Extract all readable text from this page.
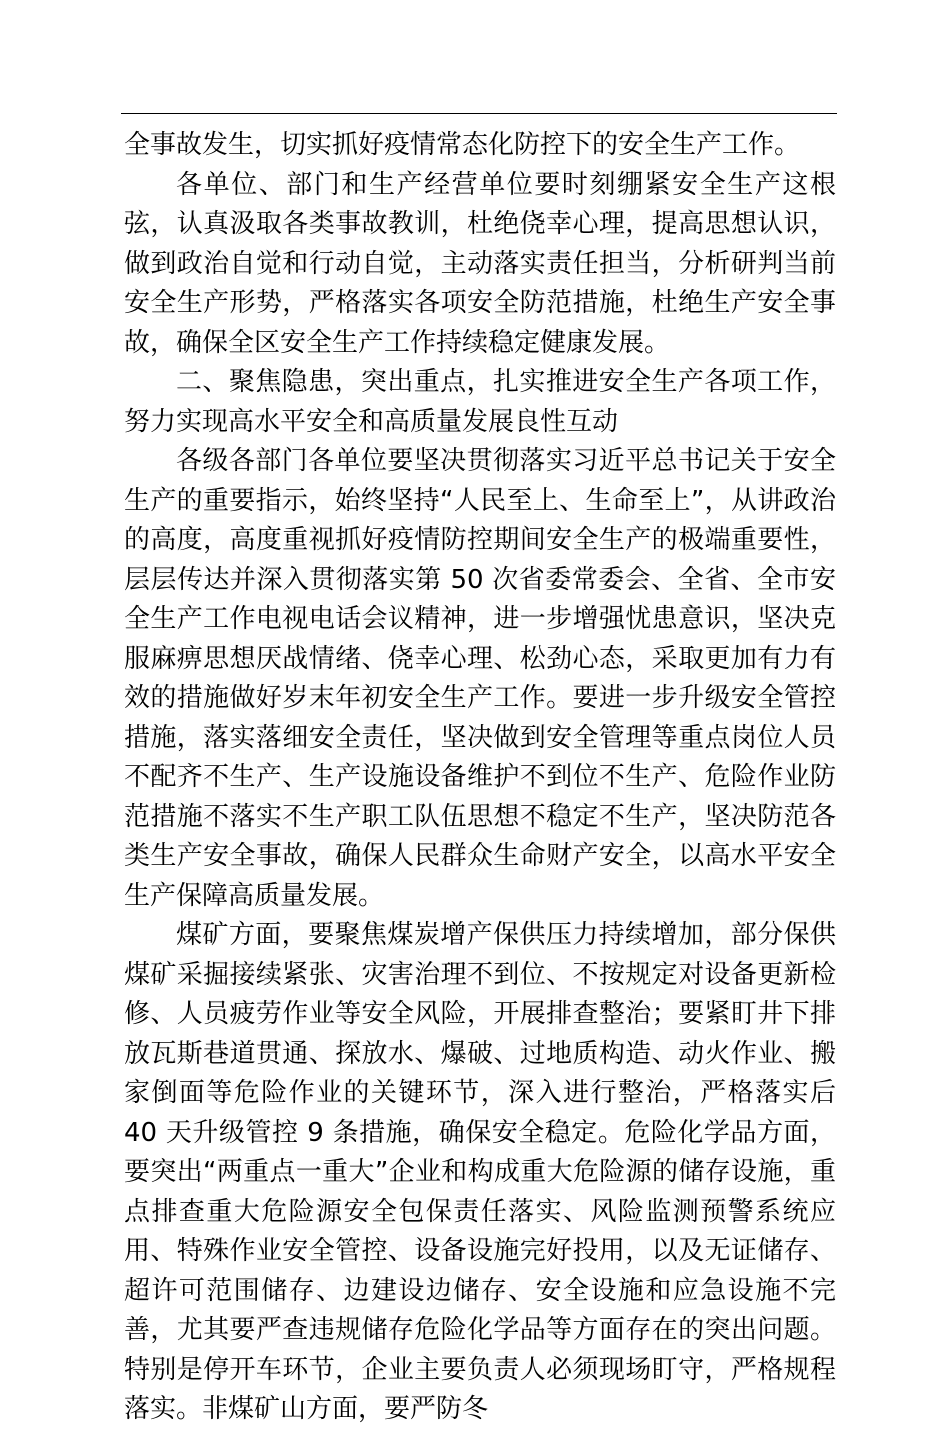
全事故发生，切实抓好疫情常态化防控下的安全生产工作。

各单位、部门和生产经营单位要时刻绷紧安全生产这根弦，认真汲取各类事故教训，杜绝侥幸心理，提高思想认识，做到政治自觉和行动自觉，主动落实责任担当，分析研判当前安全生产形势，严格落实各项安全防范措施，杜绝生产安全事故，确保全区安全生产工作持续稳定健康发展。

二、聚焦隐患，突出重点，扎实推进安全生产各项工作，努力实现高水平安全和高质量发展良性互动

各级各部门各单位要坚决贯彻落实习近平总书记关于安全生产的重要指示，始终坚持“人民至上、生命至上”，从讲政治的高度，高度重视抓好疫情防控期间安全生产的极端重要性，层层传达并深入贯彻落实第 50 次省委常委会、全省、全市安全生产工作电视电话会议精神，进一步增强忧患意识，坚决克服麻痹思想厌战情绪、侥幸心理、松劲心态，采取更加有力有效的措施做好岁末年初安全生产工作。要进一步升级安全管控措施，落实落细安全责任，坚决做到安全管理等重点岗位人员不配齐不生产、生产设施设备维护不到位不生产、危险作业防范措施不落实不生产职工队伍思想不稳定不生产，坚决防范各类生产安全事故，确保人民群众生命财产安全，以高水平安全生产保障高质量发展。

煤矿方面，要聚焦煤炭增产保供压力持续增加，部分保供煤矿采掘接续紧张、灾害治理不到位、不按规定对设备更新检修、人员疲劳作业等安全风险，开展排查整治；要紧盯井下排放瓦斯巷道贯通、探放水、爆破、过地质构造、动火作业、搬家倒面等危险作业的关键环节，深入进行整治，严格落实后 40 天升级管控 9 条措施，确保安全稳定。危险化学品方面，要突出“两重点一重大”企业和构成重大危险源的储存设施，重点排查重大危险源安全包保责任落实、风险监测预警系统应用、特殊作业安全管控、设备设施完好投用，以及无证储存、超许可范围储存、边建设边储存、安全设施和应急设施不完善，尤其要严查违规储存危险化学品等方面存在的突出问题。特别是停开车环节，企业主要负责人必须现场盯守，严格规程落实。非煤矿山方面，要严防冬
